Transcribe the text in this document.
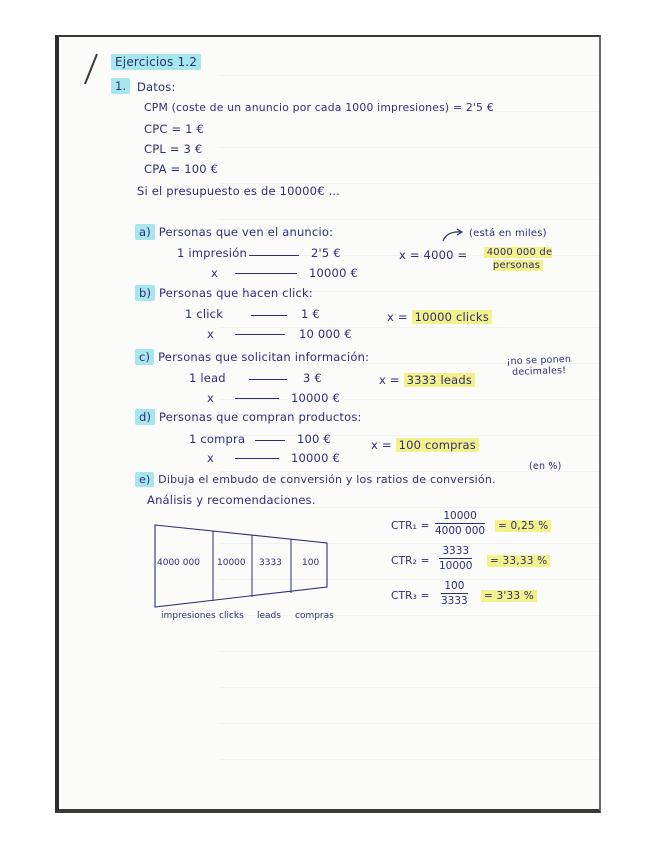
Ejercicios 1.2
1. Datos:
CPM (coste de un anuncio por cada 1000 impresiones) = 2'5 €
CPC = 1 €
CPL = 3 €
CPA = 100 €
Si el presupuesto es de 10000€ ...
a) Personas que ven el anuncio:
1 impresión	2'5 €
x	10000 €
(está en miles)
x = 4000 =	4000 000 de personas
b) Personas que hacen click:
1 click	1 €
x	10 000 €
x = 10000 clicks
c) Personas que solicitan información:
1 lead	3 €
x	10000 €
x = 3333 leads
¡no se ponen decimales!
d) Personas que compran productos:
1 compra	100 €
x	10000 €
x = 100 compras
e) Dibuja el embudo de conversión y los ratios de conversión.
(en %)
Análisis y recomendaciones.
4000 000 10000 3333 100
impresiones clicks leads compras
$CTR_1 = \frac{10000}{4000 000} = 0,25$ %
$CTR_2 = \frac{3333}{10000} = 33,33$ %
$CTR_3 = \frac{100}{3333} = 3'33$ %
